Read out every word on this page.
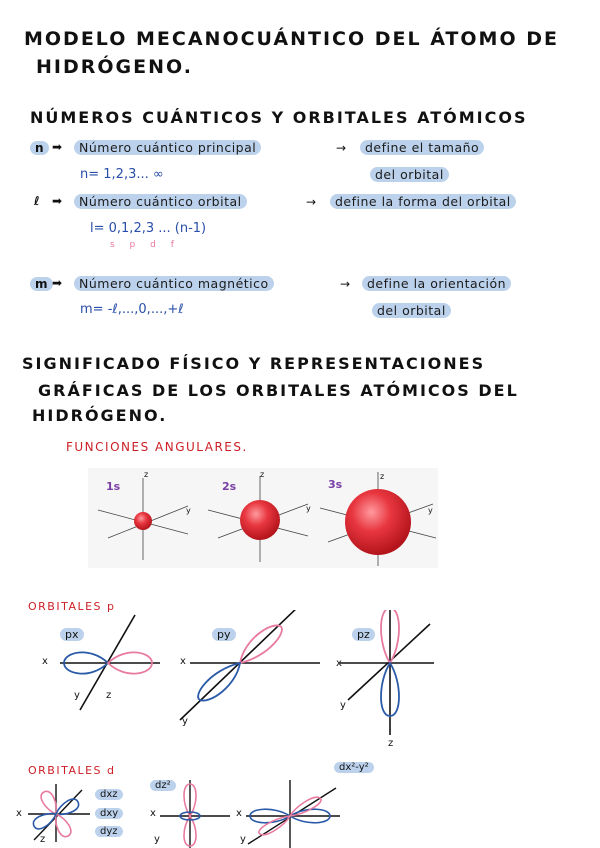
MODELO MECANOCUÁNTICO DEL ÁTOMO DE
HIDRÓGENO.
NÚMEROS CUÁNTICOS Y ORBITALES ATÓMICOS
n ➡	Número cuántico principal	→	define el tamaño
n= 1,2,3... ∞	del orbital
ℓ ➡	Número cuántico orbital	→	define la forma del orbital
l= 0,1,2,3 ... (n-1)
s p d f
m ➡	Número cuántico magnético	→	define la orientación
m= -ℓ,...,0,...,+ℓ	del orbital
SIGNIFICADO FÍSICO Y REPRESENTACIONES
GRÁFICAS DE LOS ORBITALES ATÓMICOS DEL
HIDRÓGENO.
FUNCIONES ANGULARES.
1s	2s	3s
z
y
z
y
z
y
ORBITALES p
px
x
y	z
py
x
y
pz
x
y
z
ORBITALES d
dxz
dxy
dyz
x
z
dz²
x
y
dx²-y²
x
y
